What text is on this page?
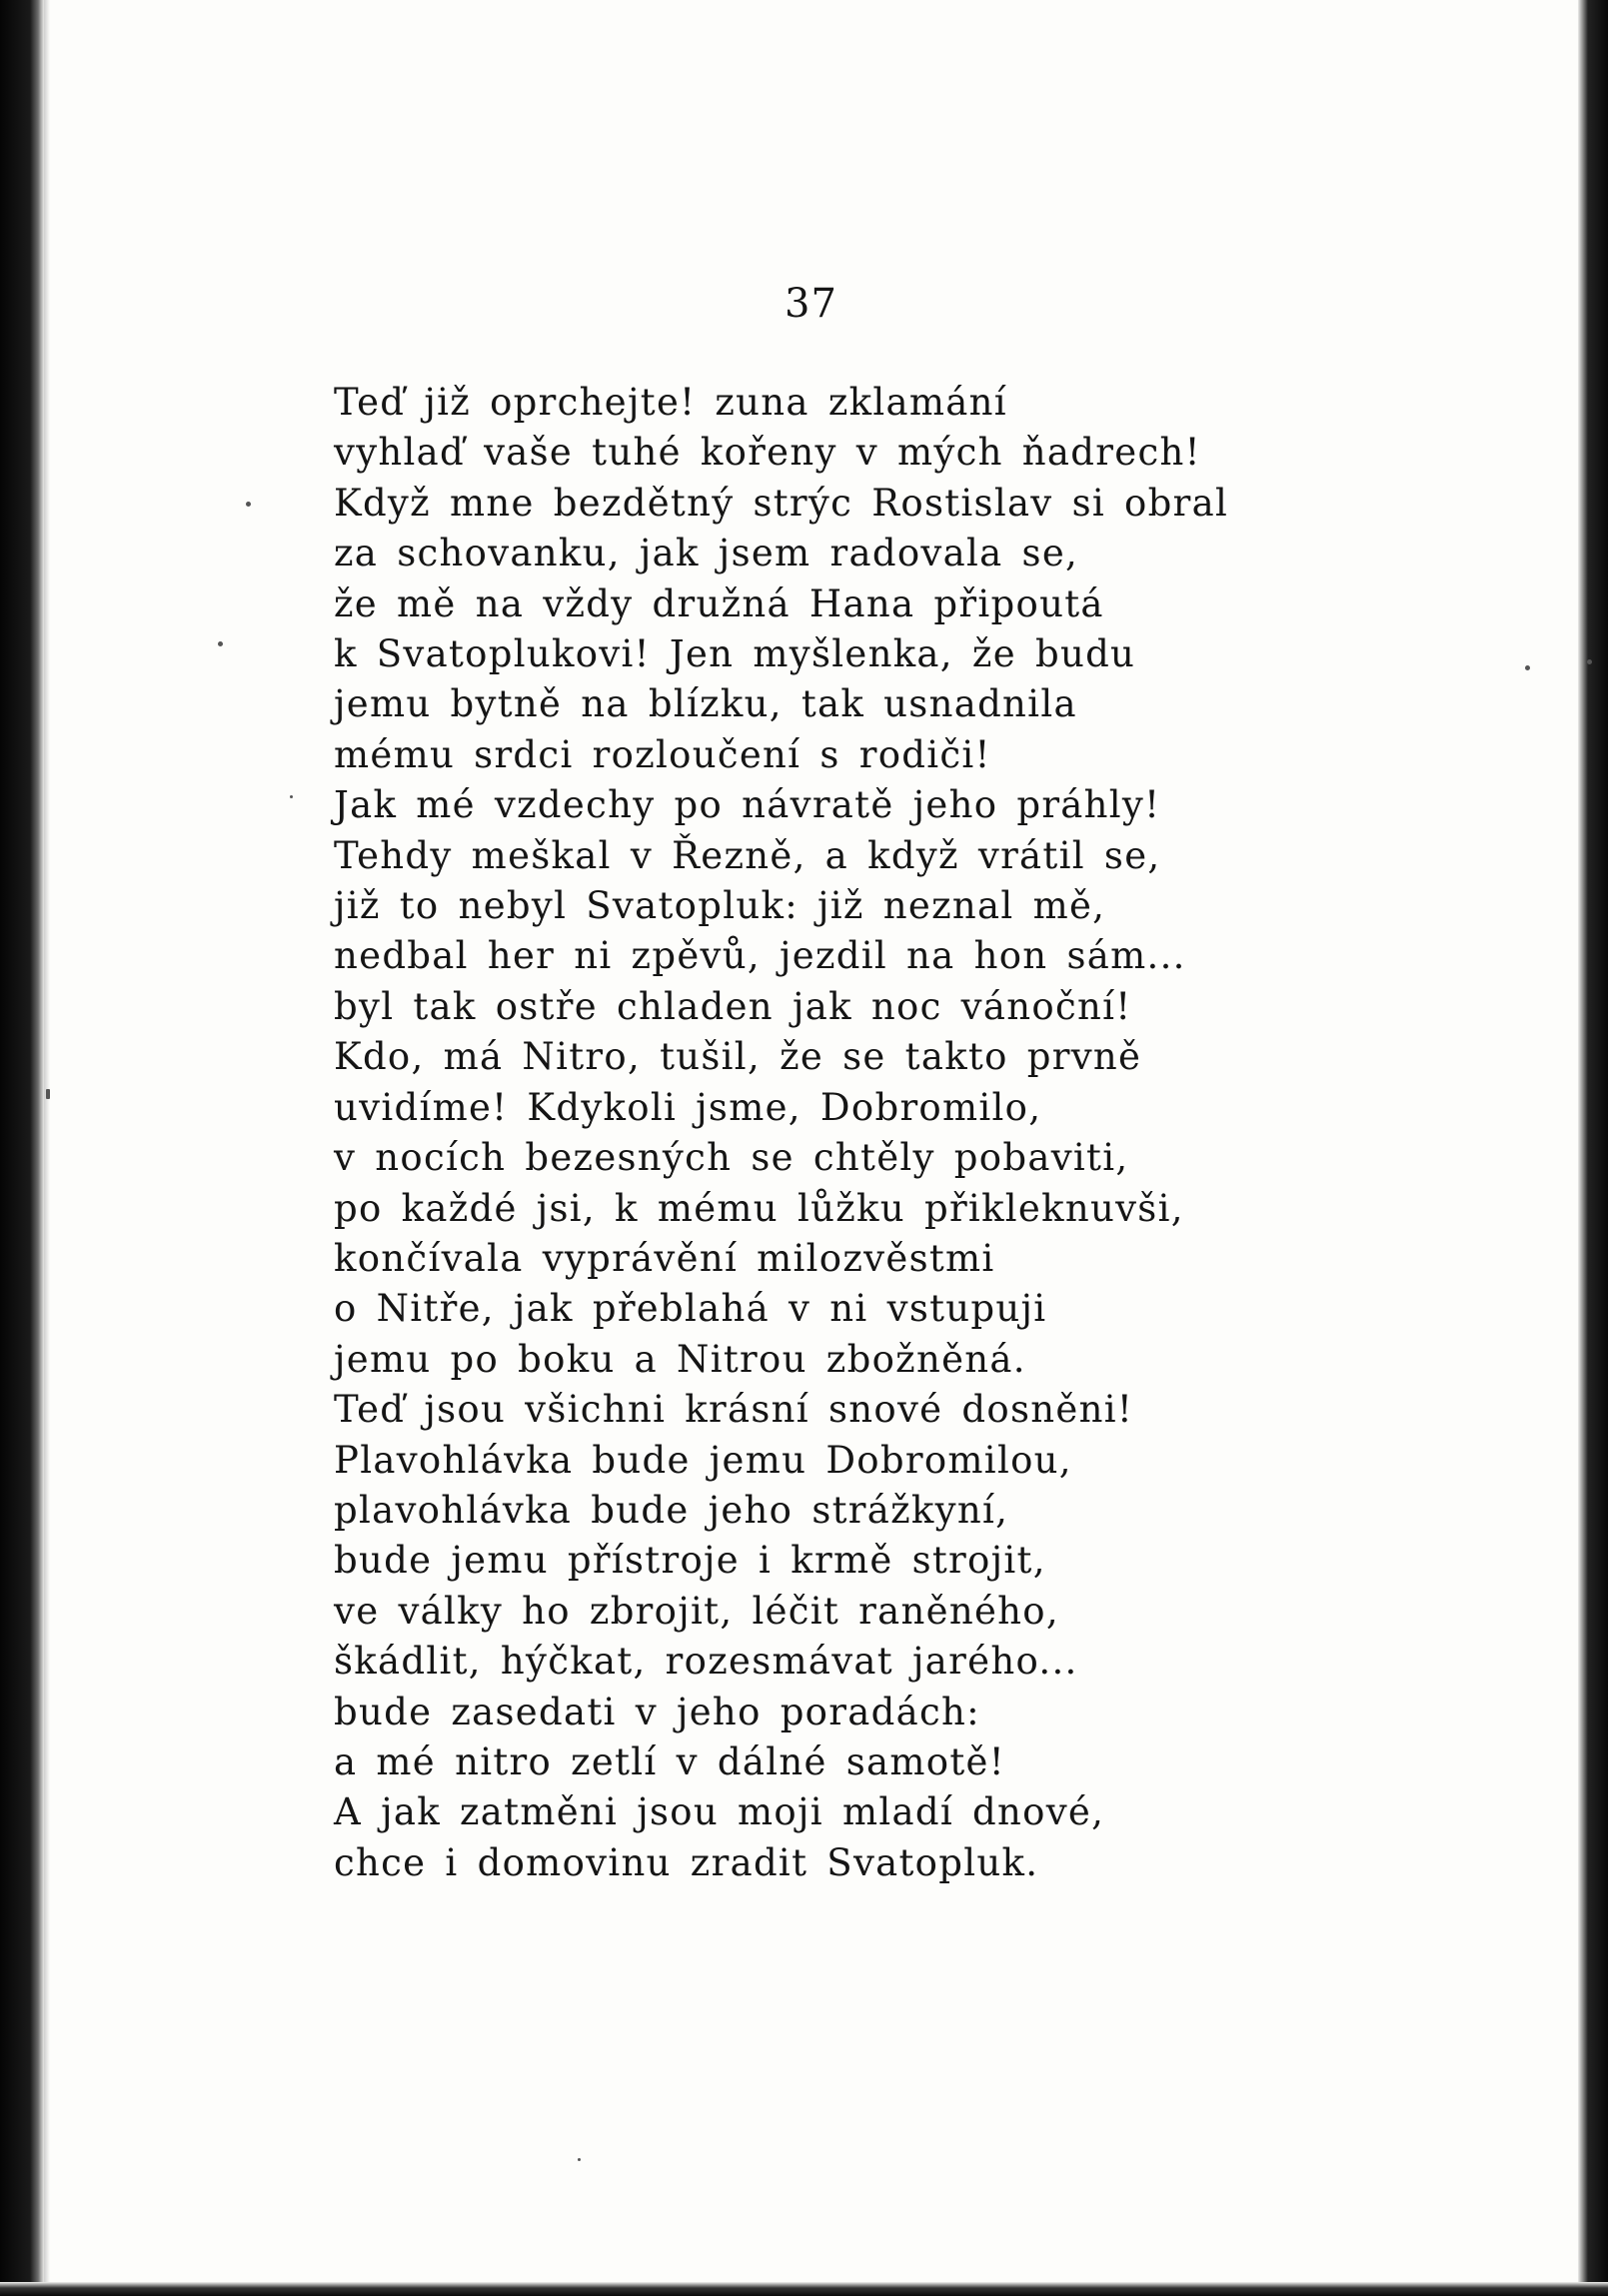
37
Teď již oprchejte! zuna zklamání
vyhlaď vaše tuhé kořeny v mých ňadrech!
Když mne bezdětný strýc Rostislav si obral
za schovanku, jak jsem radovala se,
že mě na vždy družná Hana připoutá
k Svatoplukovi! Jen myšlenka, že budu
jemu bytně na blízku, tak usnadnila
mému srdci rozloučení s rodiči!
Jak mé vzdechy po návratě jeho práhly!
Tehdy meškal v Řezně, a když vrátil se,
již to nebyl Svatopluk: již neznal mě,
nedbal her ni zpěvů, jezdil na hon sám...
byl tak ostře chladen jak noc vánoční!
Kdo, má Nitro, tušil, že se takto prvně
uvidíme! Kdykoli jsme, Dobromilo,
v nocích bezesných se chtěly pobaviti,
po každé jsi, k mému lůžku přikleknuvši,
končívala vyprávění milozvěstmi
o Nitře, jak přeblahá v ni vstupuji
jemu po boku a Nitrou zbožněná.
Teď jsou všichni krásní snové dosněni!
Plavohlávka bude jemu Dobromilou,
plavohlávka bude jeho strážkyní,
bude jemu přístroje i krmě strojit,
ve války ho zbrojit, léčit raněného,
škádlit, hýčkat, rozesmávat jarého...
bude zasedati v jeho poradách:
a mé nitro zetlí v dálné samotě!
A jak zatměni jsou moji mladí dnové,
chce i domovinu zradit Svatopluk.
